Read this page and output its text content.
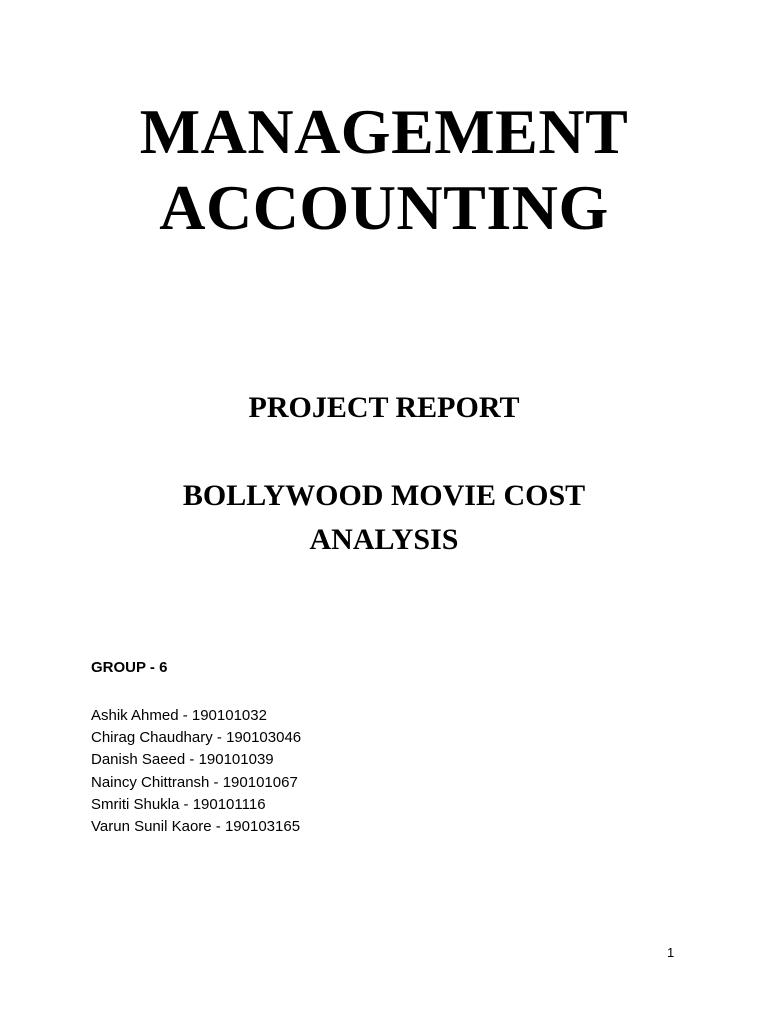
MANAGEMENT
ACCOUNTING
PROJECT REPORT
BOLLYWOOD MOVIE COST
ANALYSIS

GROUP - 6

Ashik Ahmed - 190101032
Chirag Chaudhary - 190103046
Danish Saeed - 190101039
Naincy Chittransh - 190101067
Smriti Shukla - 190101116
Varun Sunil Kaore - 190103165
1
